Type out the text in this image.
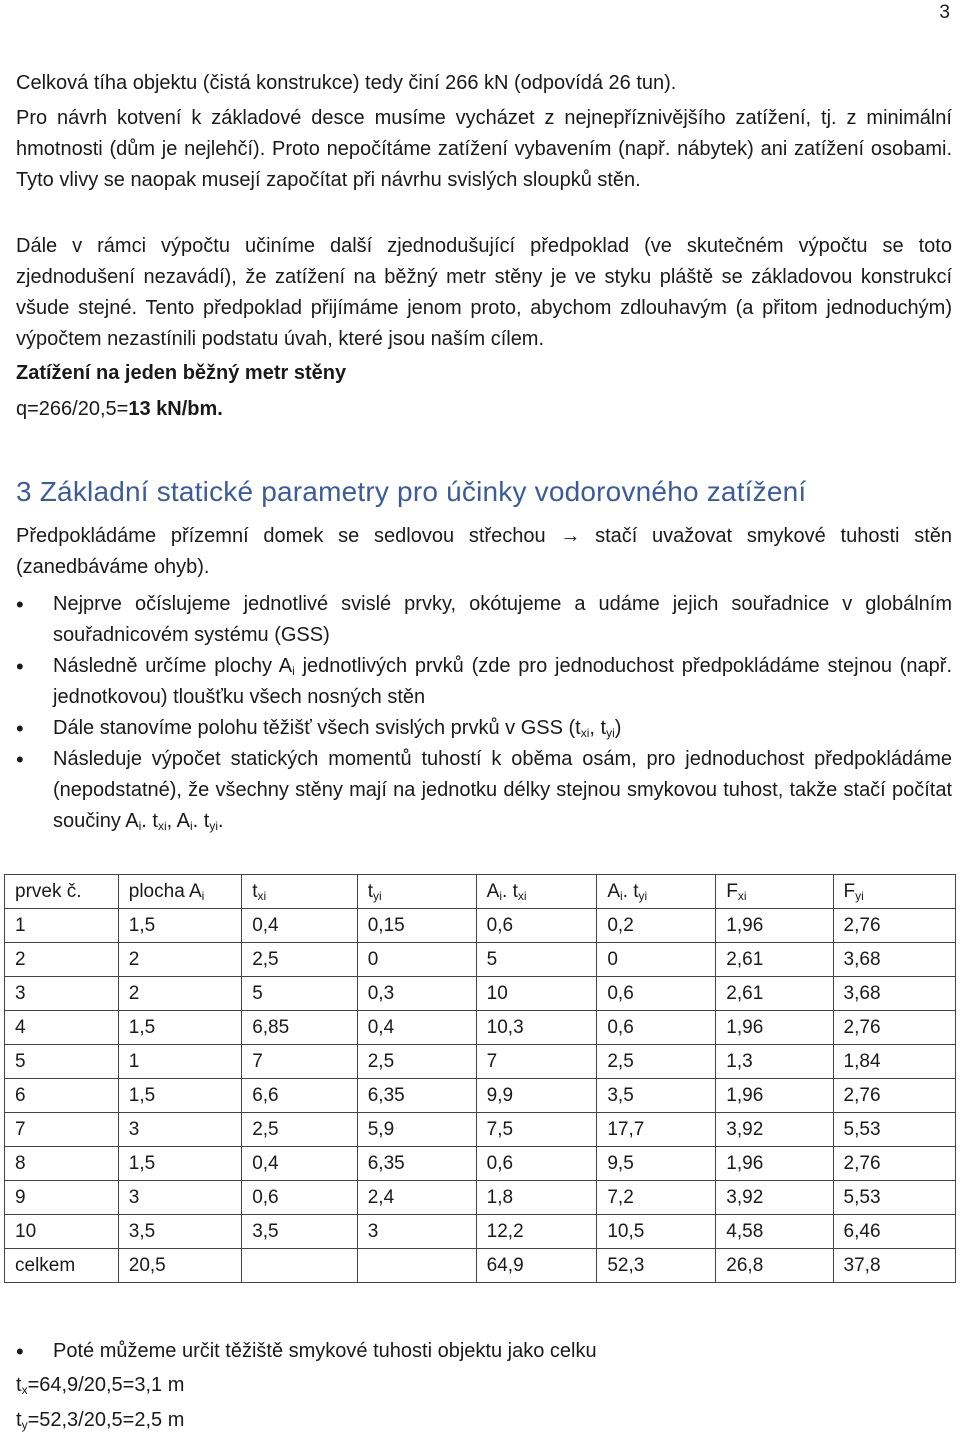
3
Celková tíha objektu (čistá konstrukce) tedy činí 266 kN (odpovídá 26 tun).
Pro návrh kotvení k základové desce musíme vycházet z nejnepříznivějšího zatížení, tj. z minimální hmotnosti (dům je nejlehčí). Proto nepočítáme zatížení vybavením (např. nábytek) ani zatížení osobami. Tyto vlivy se naopak musejí započítat při návrhu svislých sloupků stěn.
Dále v rámci výpočtu učiníme další zjednodušující předpoklad (ve skutečném výpočtu se toto zjednodušení nezavádí), že zatížení na běžný metr stěny je ve styku pláště se základovou konstrukcí všude stejné. Tento předpoklad přijímáme jenom proto, abychom zdlouhavým (a přitom jednoduchým) výpočtem nezastínili podstatu úvah, které jsou naším cílem.
Zatížení na jeden běžný metr stěny
q=266/20,5=13 kN/bm.
3 Základní statické parametry pro účinky vodorovného zatížení
Předpokládáme přízemní domek se sedlovou střechou → stačí uvažovat smykové tuhosti stěn (zanedbáváme ohyb).
• Nejprve očíslujeme jednotlivé svislé prvky, okótujeme a udáme jejich souřadnice v globálním souřadnicovém systému (GSS)
• Následně určíme plochy $A_i$ jednotlivých prvků (zde pro jednoduchost předpokládáme stejnou (např. jednotkovou) tloušťku všech nosných stěn
• Dále stanovíme polohu těžišť všech svislých prvků v GSS ($t_{xi}$, $t_{yi}$)
• Následuje výpočet statických momentů tuhostí k oběma osám, pro jednoduchost předpokládáme (nepodstatné), že všechny stěny mají na jednotku délky stejnou smykovou tuhost, takže stačí počítat součiny $A_i$. $t_{xi}$, $A_i$. $t_{yi}$.
prvek č.	plocha $A_i$	$t_{xi}$	$t_{yi}$	$A_i$. $t_{xi}$	$A_i$. $t_{yi}$	$F_{xi}$	$F_{yi}$
1	1,5	0,4	0,15	0,6	0,2	1,96	2,76
2	2	2,5	0	5	0	2,61	3,68
3	2	5	0,3	10	0,6	2,61	3,68
4	1,5	6,85	0,4	10,3	0,6	1,96	2,76
5	1	7	2,5	7	2,5	1,3	1,84
6	1,5	6,6	6,35	9,9	3,5	1,96	2,76
7	3	2,5	5,9	7,5	17,7	3,92	5,53
8	1,5	0,4	6,35	0,6	9,5	1,96	2,76
9	3	0,6	2,4	1,8	7,2	3,92	5,53
10	3,5	3,5	3	12,2	10,5	4,58	6,46
celkem	20,5			64,9	52,3	26,8	37,8
• Poté můžeme určit těžiště smykové tuhosti objektu jako celku
$t_x=64,9/20,5=3,1$ m
$t_y=52,3/20,5=2,5$ m
